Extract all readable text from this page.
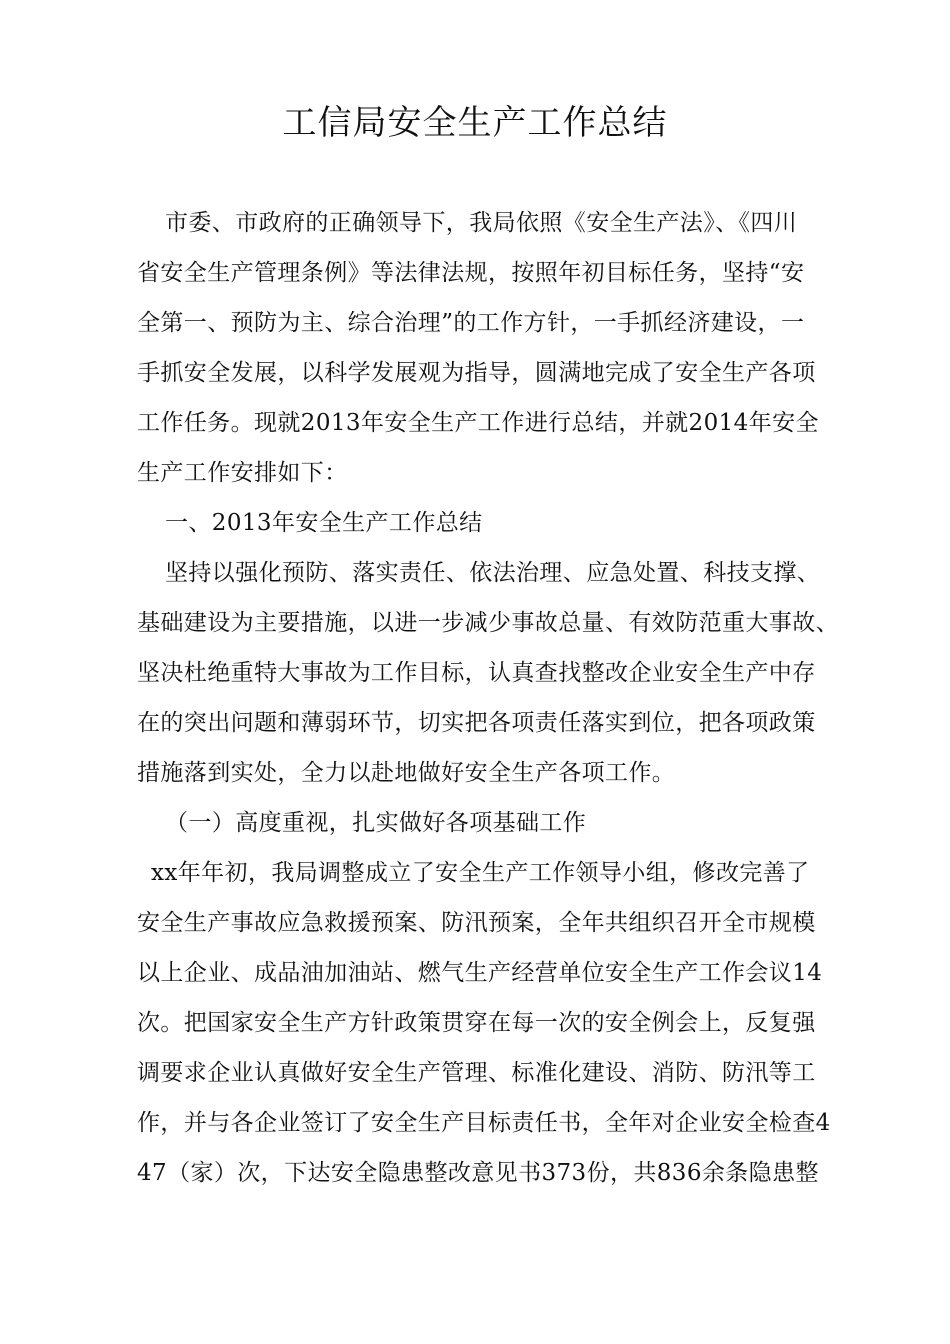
工信局安全生产工作总结
市委、市政府的正确领导下，我局依照《安全生产法》、《四川
省安全生产管理条例》等法律法规，按照年初目标任务，坚持“安
全第一、预防为主、综合治理”的工作方针，一手抓经济建设，一
手抓安全发展，以科学发展观为指导，圆满地完成了安全生产各项
工作任务。现就2013年安全生产工作进行总结，并就2014年安全
生产工作安排如下：
一、2013年安全生产工作总结
坚持以强化预防、落实责任、依法治理、应急处置、科技支撑、
基础建设为主要措施，以进一步减少事故总量、有效防范重大事故、
坚决杜绝重特大事故为工作目标，认真查找整改企业安全生产中存
在的突出问题和薄弱环节，切实把各项责任落实到位，把各项政策
措施落到实处，全力以赴地做好安全生产各项工作。
（一）高度重视，扎实做好各项基础工作
xx年年初，我局调整成立了安全生产工作领导小组，修改完善了
安全生产事故应急救援预案、防汛预案，全年共组织召开全市规模
以上企业、成品油加油站、燃气生产经营单位安全生产工作会议14
次。把国家安全生产方针政策贯穿在每一次的安全例会上，反复强
调要求企业认真做好安全生产管理、标准化建设、消防、防汛等工
作，并与各企业签订了安全生产目标责任书，全年对企业安全检查4
47（家）次，下达安全隐患整改意见书373份，共836余条隐患整
